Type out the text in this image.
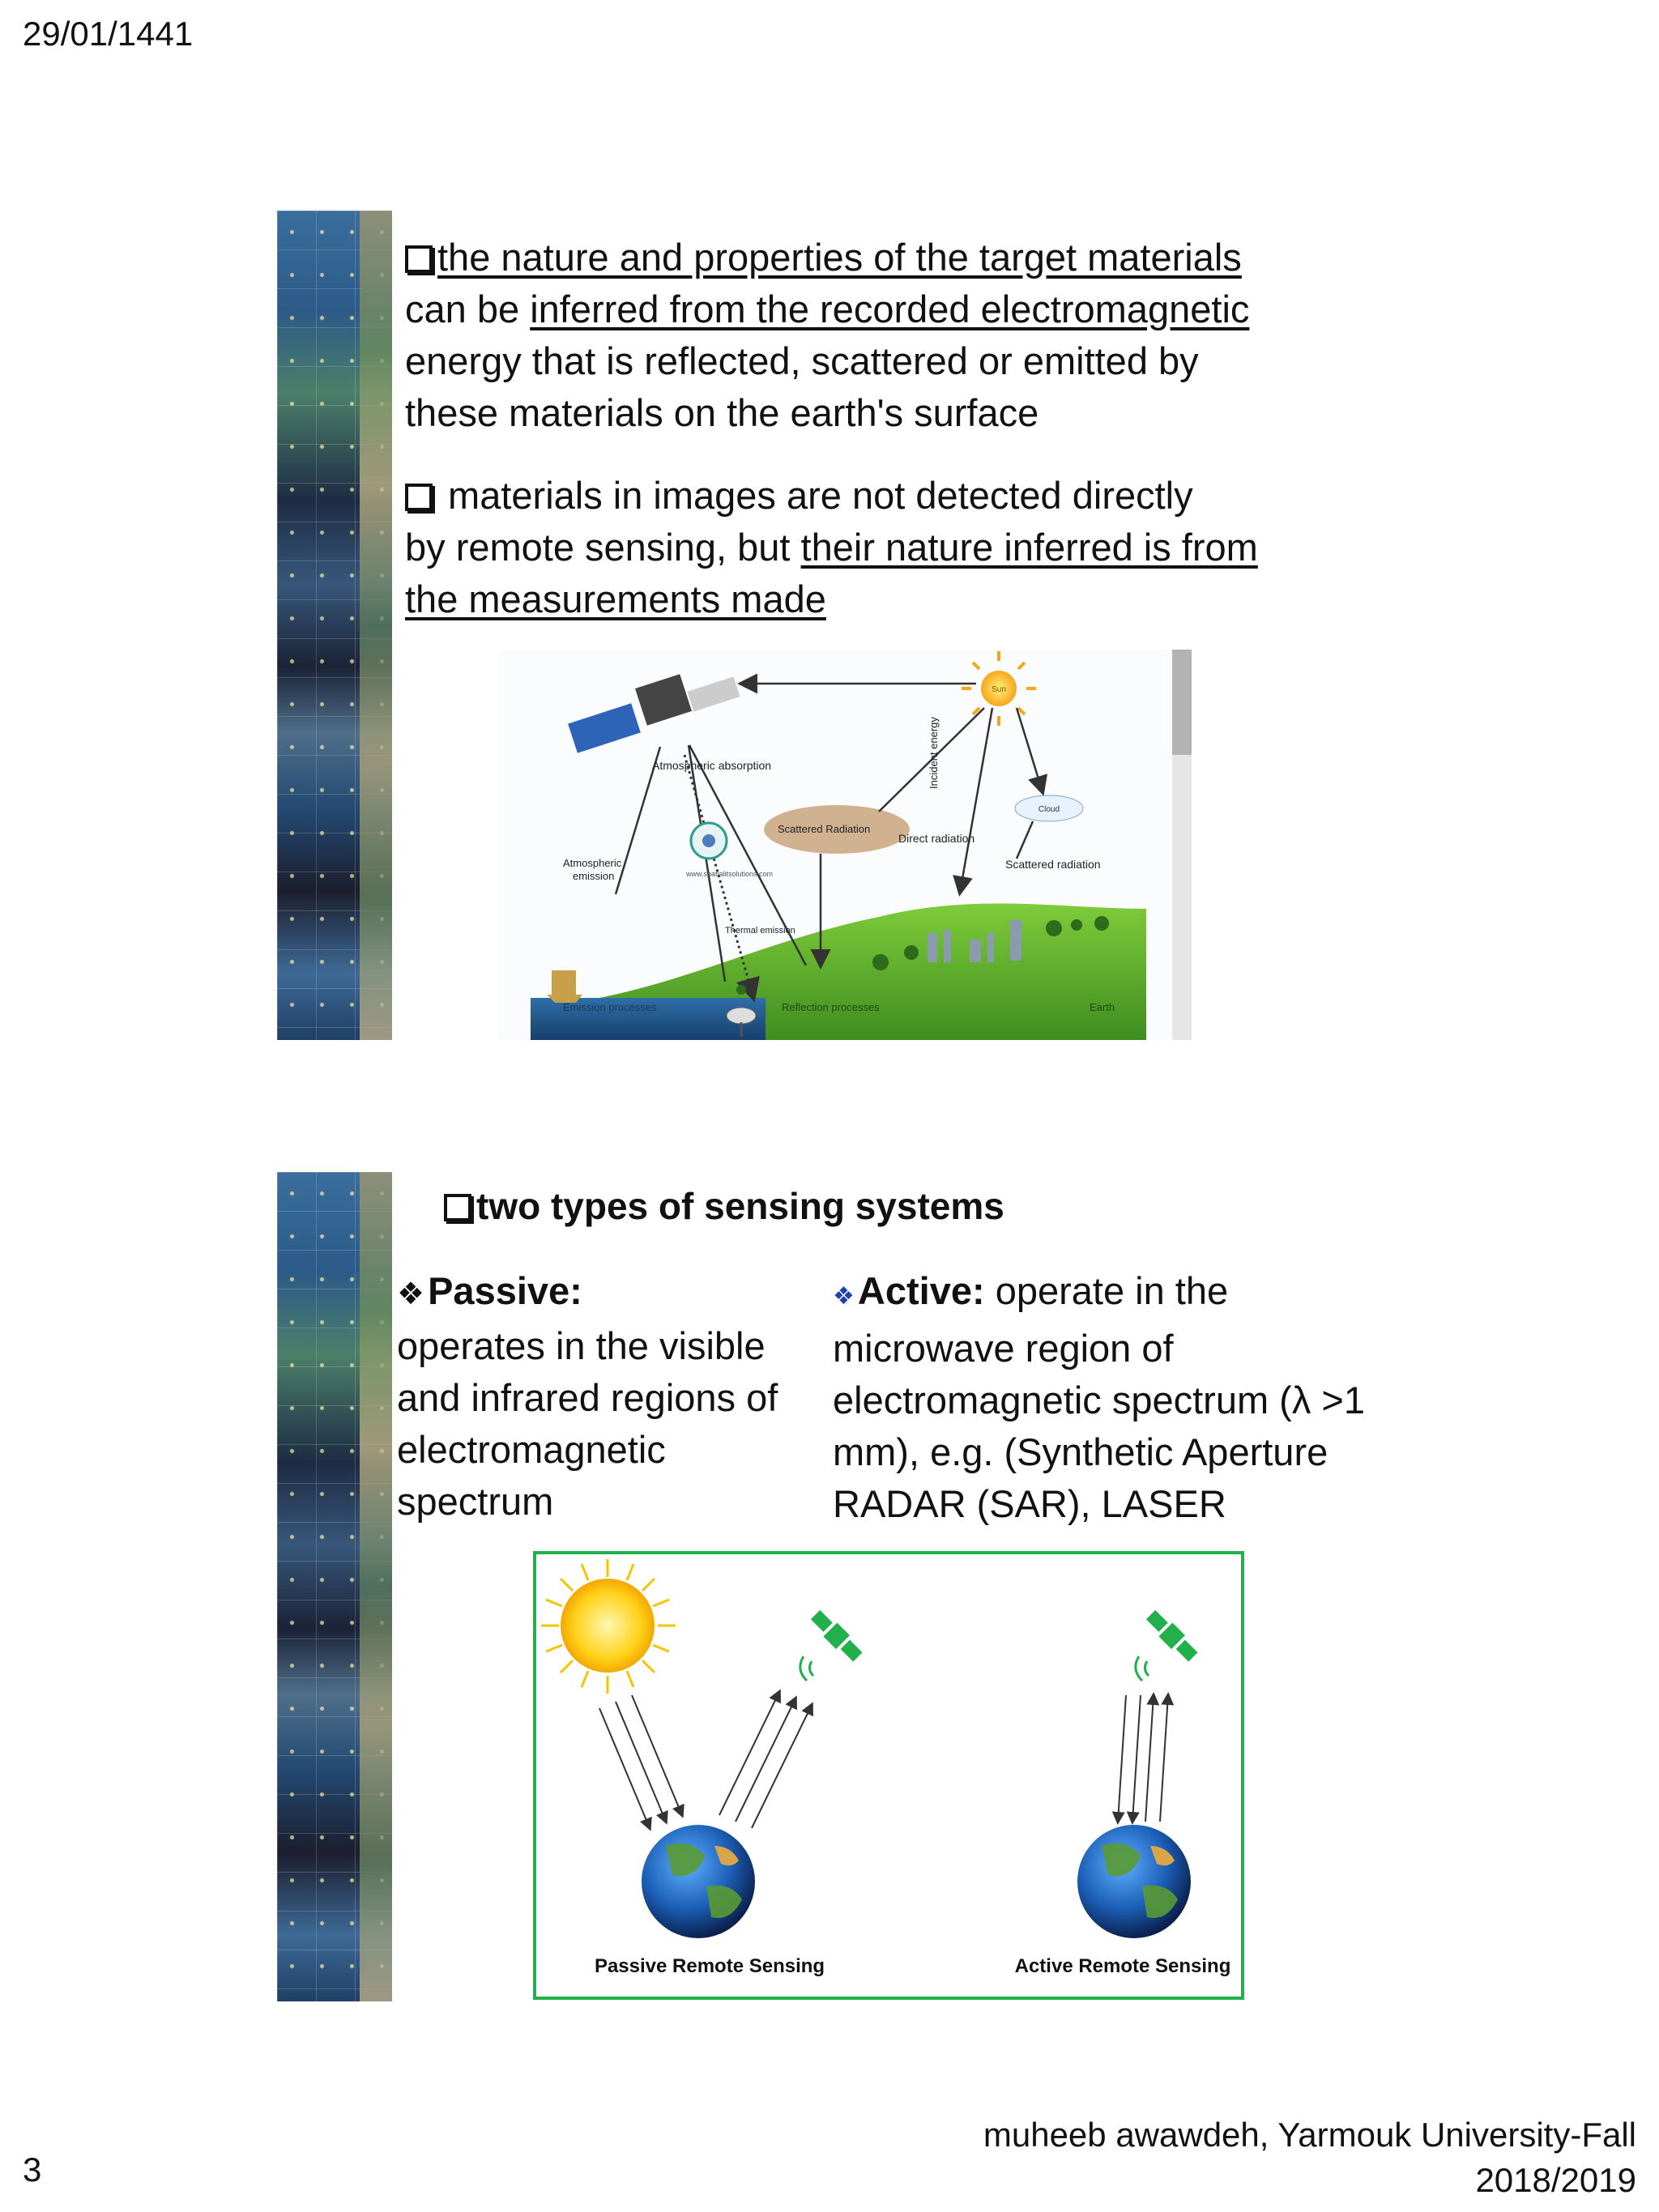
29/01/1441

the nature and properties of the target materials
can be inferred from the recorded electromagnetic
energy that is reflected, scattered or emitted by
these materials on the earth's surface

materials in images are not detected directly
by remote sensing, but their nature inferred is from
the measurements made

Sun
Cloud
Atmospheric absorption
Scattered Radiation
Incident energy
Direct radiation
Scattered radiation
Atmospheric
emission	www.spatialitsolutions.com
Thermal emission
Emission processes	Reflection processes	Earth
two types of sensing systems
❖Passive:
operates in the visible and infrared regions of electromagnetic spectrum
❖Active: operate in the microwave region of electromagnetic spectrum (λ >1 mm), e.g. (Synthetic Aperture RADAR (SAR), LASER
Passive Remote Sensing	Active Remote Sensing
3
muheeb awawdeh, Yarmouk University-Fall
2018/2019
